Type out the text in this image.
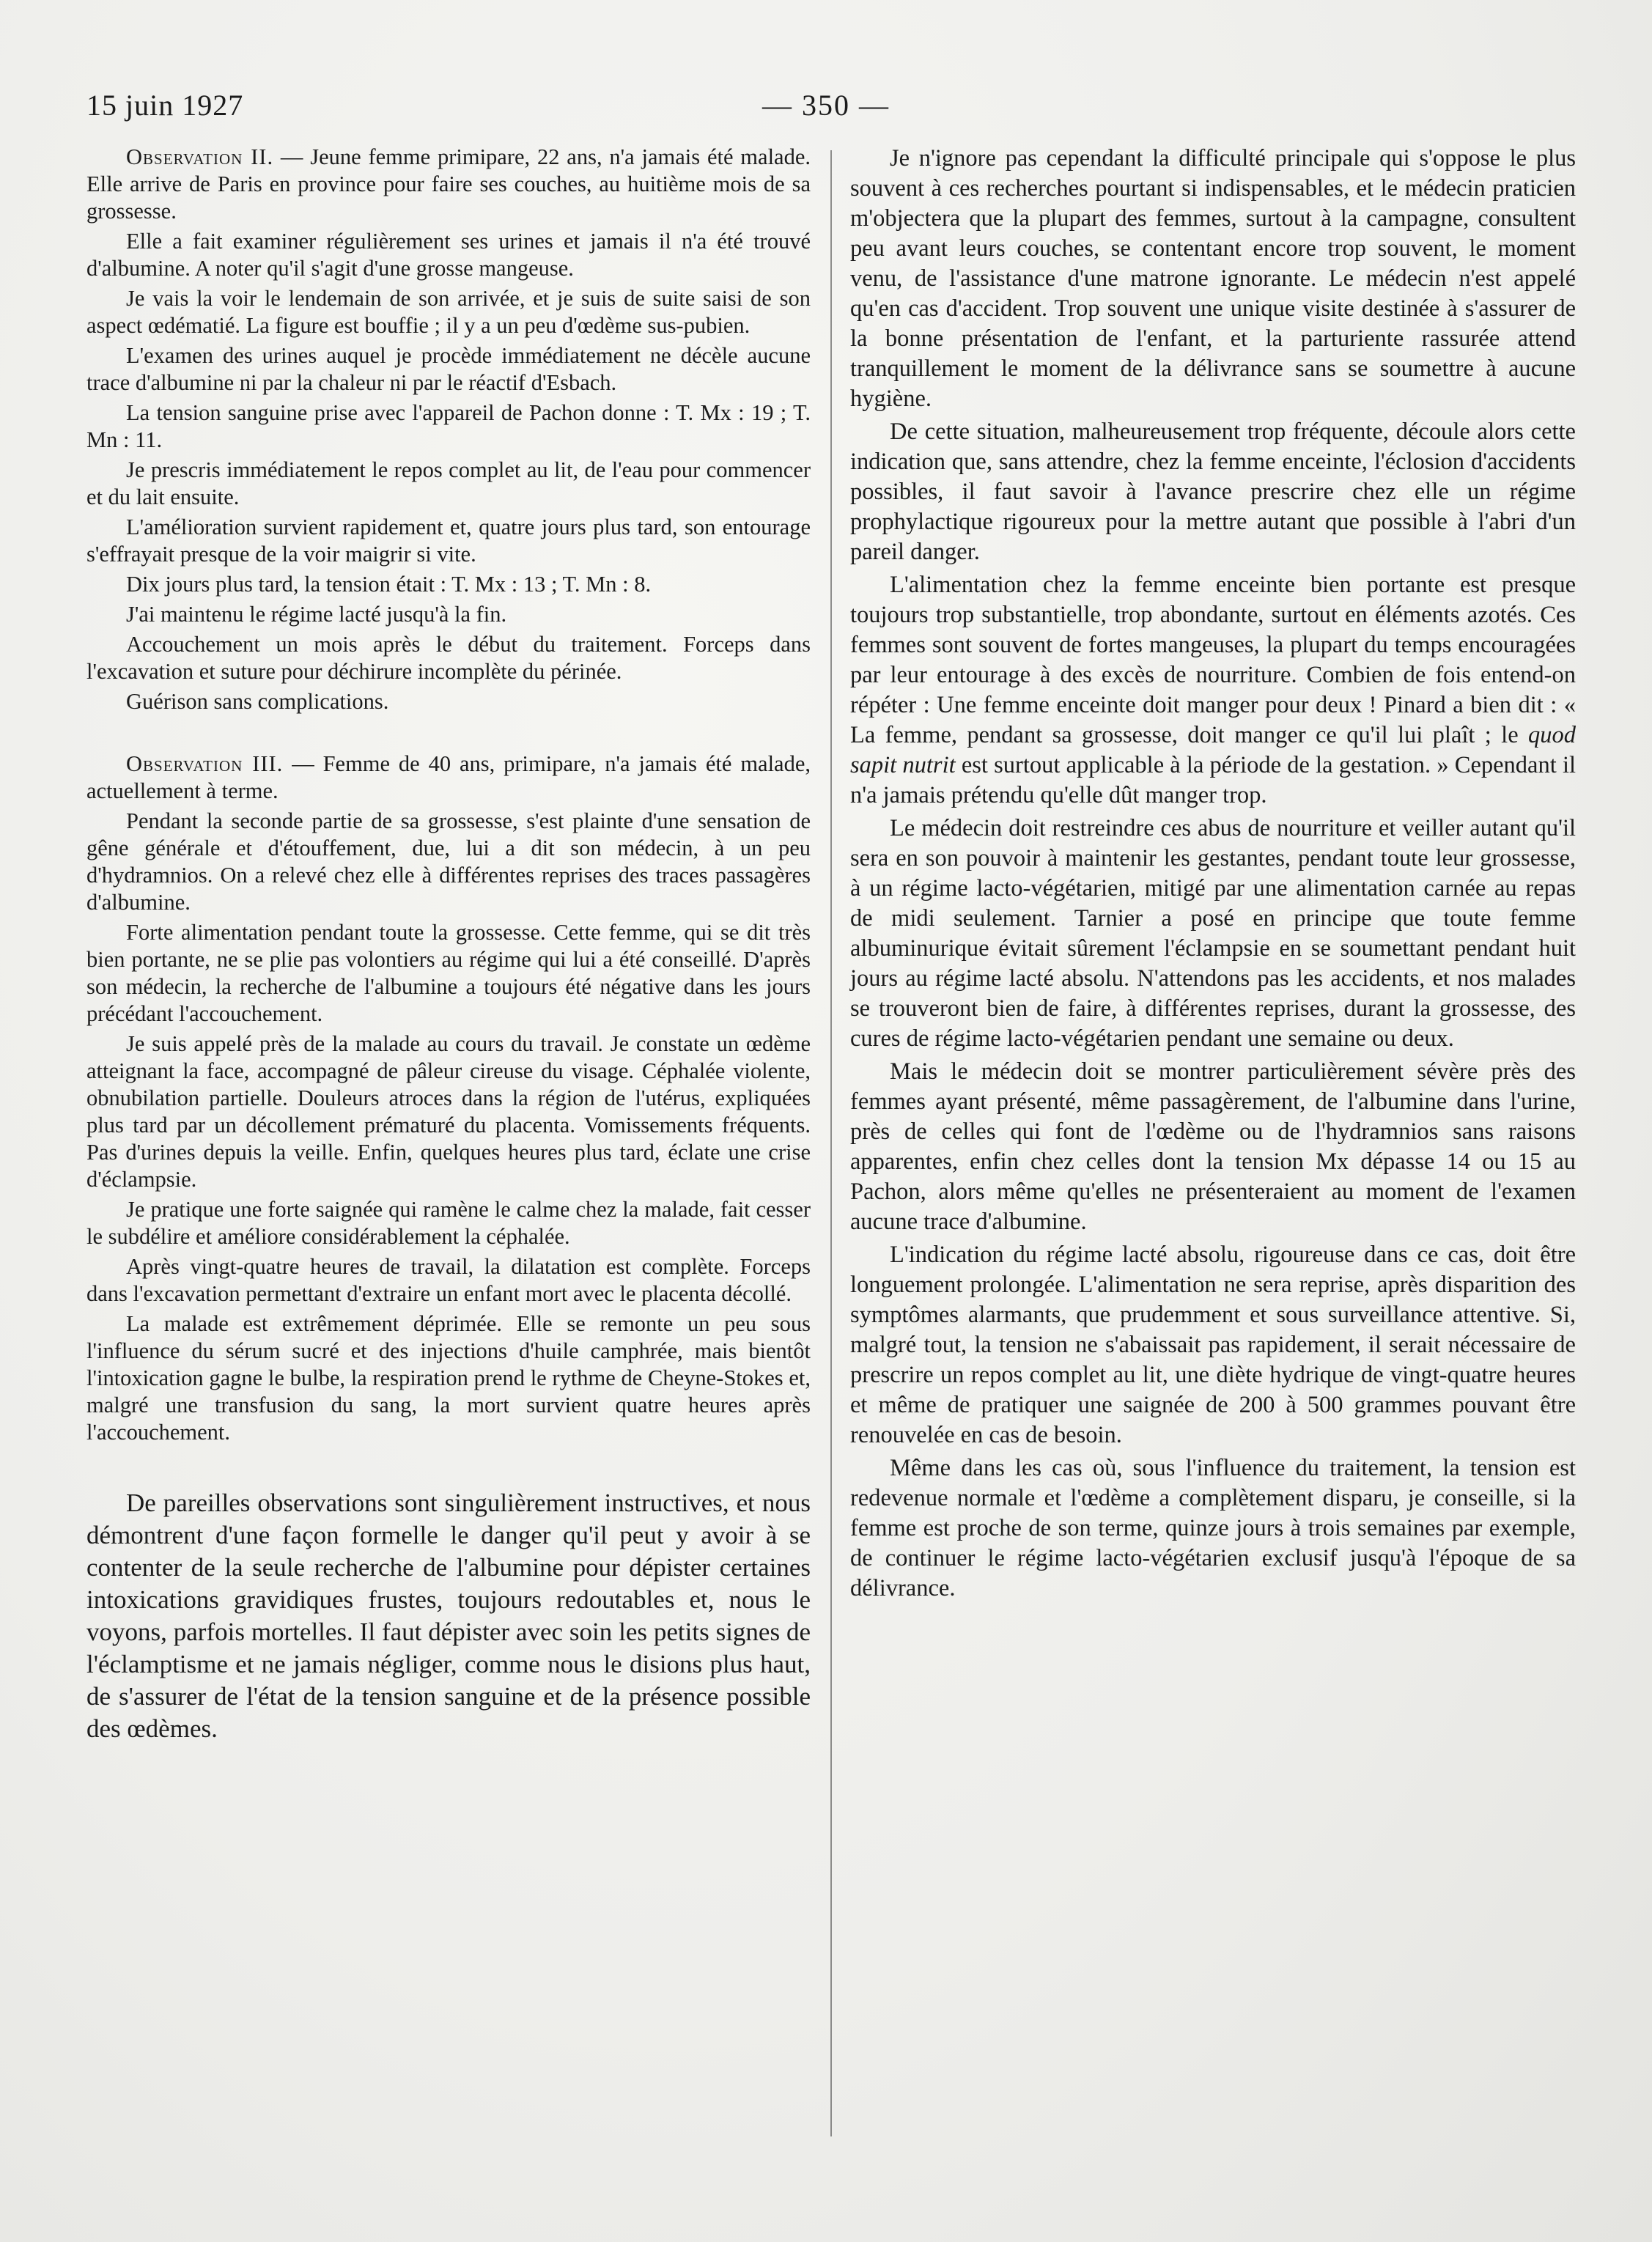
15 juin 1927	— 350 —

Observation II. — Jeune femme primipare, 22 ans, n'a jamais été malade. Elle arrive de Paris en province pour faire ses couches, au huitième mois de sa grossesse.

Elle a fait examiner régulièrement ses urines et jamais il n'a été trouvé d'albumine. A noter qu'il s'agit d'une grosse mangeuse.

Je vais la voir le lendemain de son arrivée, et je suis de suite saisi de son aspect œdématié. La figure est bouffie ; il y a un peu d'œdème sus-pubien.

L'examen des urines auquel je procède immédiatement ne décèle aucune trace d'albumine ni par la chaleur ni par le réactif d'Esbach.

La tension sanguine prise avec l'appareil de Pachon donne : T. Mx : 19 ; T. Mn : 11.

Je prescris immédiatement le repos complet au lit, de l'eau pour commencer et du lait ensuite.

L'amélioration survient rapidement et, quatre jours plus tard, son entourage s'effrayait presque de la voir maigrir si vite.

Dix jours plus tard, la tension était : T. Mx : 13 ; T. Mn : 8.

J'ai maintenu le régime lacté jusqu'à la fin.

Accouchement un mois après le début du traitement. Forceps dans l'excavation et suture pour déchirure incomplète du périnée.

Guérison sans complications.

Observation III. — Femme de 40 ans, primipare, n'a jamais été malade, actuellement à terme.

Pendant la seconde partie de sa grossesse, s'est plainte d'une sensation de gêne générale et d'étouffement, due, lui a dit son médecin, à un peu d'hydramnios. On a relevé chez elle à différentes reprises des traces passagères d'albumine.

Forte alimentation pendant toute la grossesse. Cette femme, qui se dit très bien portante, ne se plie pas volontiers au régime qui lui a été conseillé. D'après son médecin, la recherche de l'albumine a toujours été négative dans les jours précédant l'accouchement.

Je suis appelé près de la malade au cours du travail. Je constate un œdème atteignant la face, accompagné de pâleur cireuse du visage. Céphalée violente, obnubilation partielle. Douleurs atroces dans la région de l'utérus, expliquées plus tard par un décollement prématuré du placenta. Vomissements fréquents. Pas d'urines depuis la veille. Enfin, quelques heures plus tard, éclate une crise d'éclampsie.

Je pratique une forte saignée qui ramène le calme chez la malade, fait cesser le subdélire et améliore considérablement la céphalée.

Après vingt-quatre heures de travail, la dilatation est complète. Forceps dans l'excavation permettant d'extraire un enfant mort avec le placenta décollé.

La malade est extrêmement déprimée. Elle se remonte un peu sous l'influence du sérum sucré et des injections d'huile camphrée, mais bientôt l'intoxication gagne le bulbe, la respiration prend le rythme de Cheyne-Stokes et, malgré une transfusion du sang, la mort survient quatre heures après l'accouchement.

De pareilles observations sont singulièrement instructives, et nous démontrent d'une façon formelle le danger qu'il peut y avoir à se contenter de la seule recherche de l'albumine pour dépister certaines intoxications gravidiques frustes, toujours redoutables et, nous le voyons, parfois mortelles. Il faut dépister avec soin les petits signes de l'éclamptisme et ne jamais négliger, comme nous le disions plus haut, de s'assurer de l'état de la tension sanguine et de la présence possible des œdèmes.

Je n'ignore pas cependant la difficulté principale qui s'oppose le plus souvent à ces recherches pourtant si indispensables, et le médecin praticien m'objectera que la plupart des femmes, surtout à la campagne, consultent peu avant leurs couches, se contentant encore trop souvent, le moment venu, de l'assistance d'une matrone ignorante. Le médecin n'est appelé qu'en cas d'accident. Trop souvent une unique visite destinée à s'assurer de la bonne présentation de l'enfant, et la parturiente rassurée attend tranquillement le moment de la délivrance sans se soumettre à aucune hygiène.

De cette situation, malheureusement trop fréquente, découle alors cette indication que, sans attendre, chez la femme enceinte, l'éclosion d'accidents possibles, il faut savoir à l'avance prescrire chez elle un régime prophylactique rigoureux pour la mettre autant que possible à l'abri d'un pareil danger.

L'alimentation chez la femme enceinte bien portante est presque toujours trop substantielle, trop abondante, surtout en éléments azotés. Ces femmes sont souvent de fortes mangeuses, la plupart du temps encouragées par leur entourage à des excès de nourriture. Combien de fois entend-on répéter : Une femme enceinte doit manger pour deux ! Pinard a bien dit : « La femme, pendant sa grossesse, doit manger ce qu'il lui plaît ; le quod sapit nutrit est surtout applicable à la période de la gestation. » Cependant il n'a jamais prétendu qu'elle dût manger trop.

Le médecin doit restreindre ces abus de nourriture et veiller autant qu'il sera en son pouvoir à maintenir les gestantes, pendant toute leur grossesse, à un régime lacto-végétarien, mitigé par une alimentation carnée au repas de midi seulement. Tarnier a posé en principe que toute femme albuminurique évitait sûrement l'éclampsie en se soumettant pendant huit jours au régime lacté absolu. N'attendons pas les accidents, et nos malades se trouveront bien de faire, à différentes reprises, durant la grossesse, des cures de régime lacto-végétarien pendant une semaine ou deux.

Mais le médecin doit se montrer particulièrement sévère près des femmes ayant présenté, même passagèrement, de l'albumine dans l'urine, près de celles qui font de l'œdème ou de l'hydramnios sans raisons apparentes, enfin chez celles dont la tension Mx dépasse 14 ou 15 au Pachon, alors même qu'elles ne présenteraient au moment de l'examen aucune trace d'albumine.

L'indication du régime lacté absolu, rigoureuse dans ce cas, doit être longuement prolongée. L'alimentation ne sera reprise, après disparition des symptômes alarmants, que prudemment et sous surveillance attentive. Si, malgré tout, la tension ne s'abaissait pas rapidement, il serait nécessaire de prescrire un repos complet au lit, une diète hydrique de vingt-quatre heures et même de pratiquer une saignée de 200 à 500 grammes pouvant être renouvelée en cas de besoin.

Même dans les cas où, sous l'influence du traitement, la tension est redevenue normale et l'œdème a complètement disparu, je conseille, si la femme est proche de son terme, quinze jours à trois semaines par exemple, de continuer le régime lacto-végétarien exclusif jusqu'à l'époque de sa délivrance.
